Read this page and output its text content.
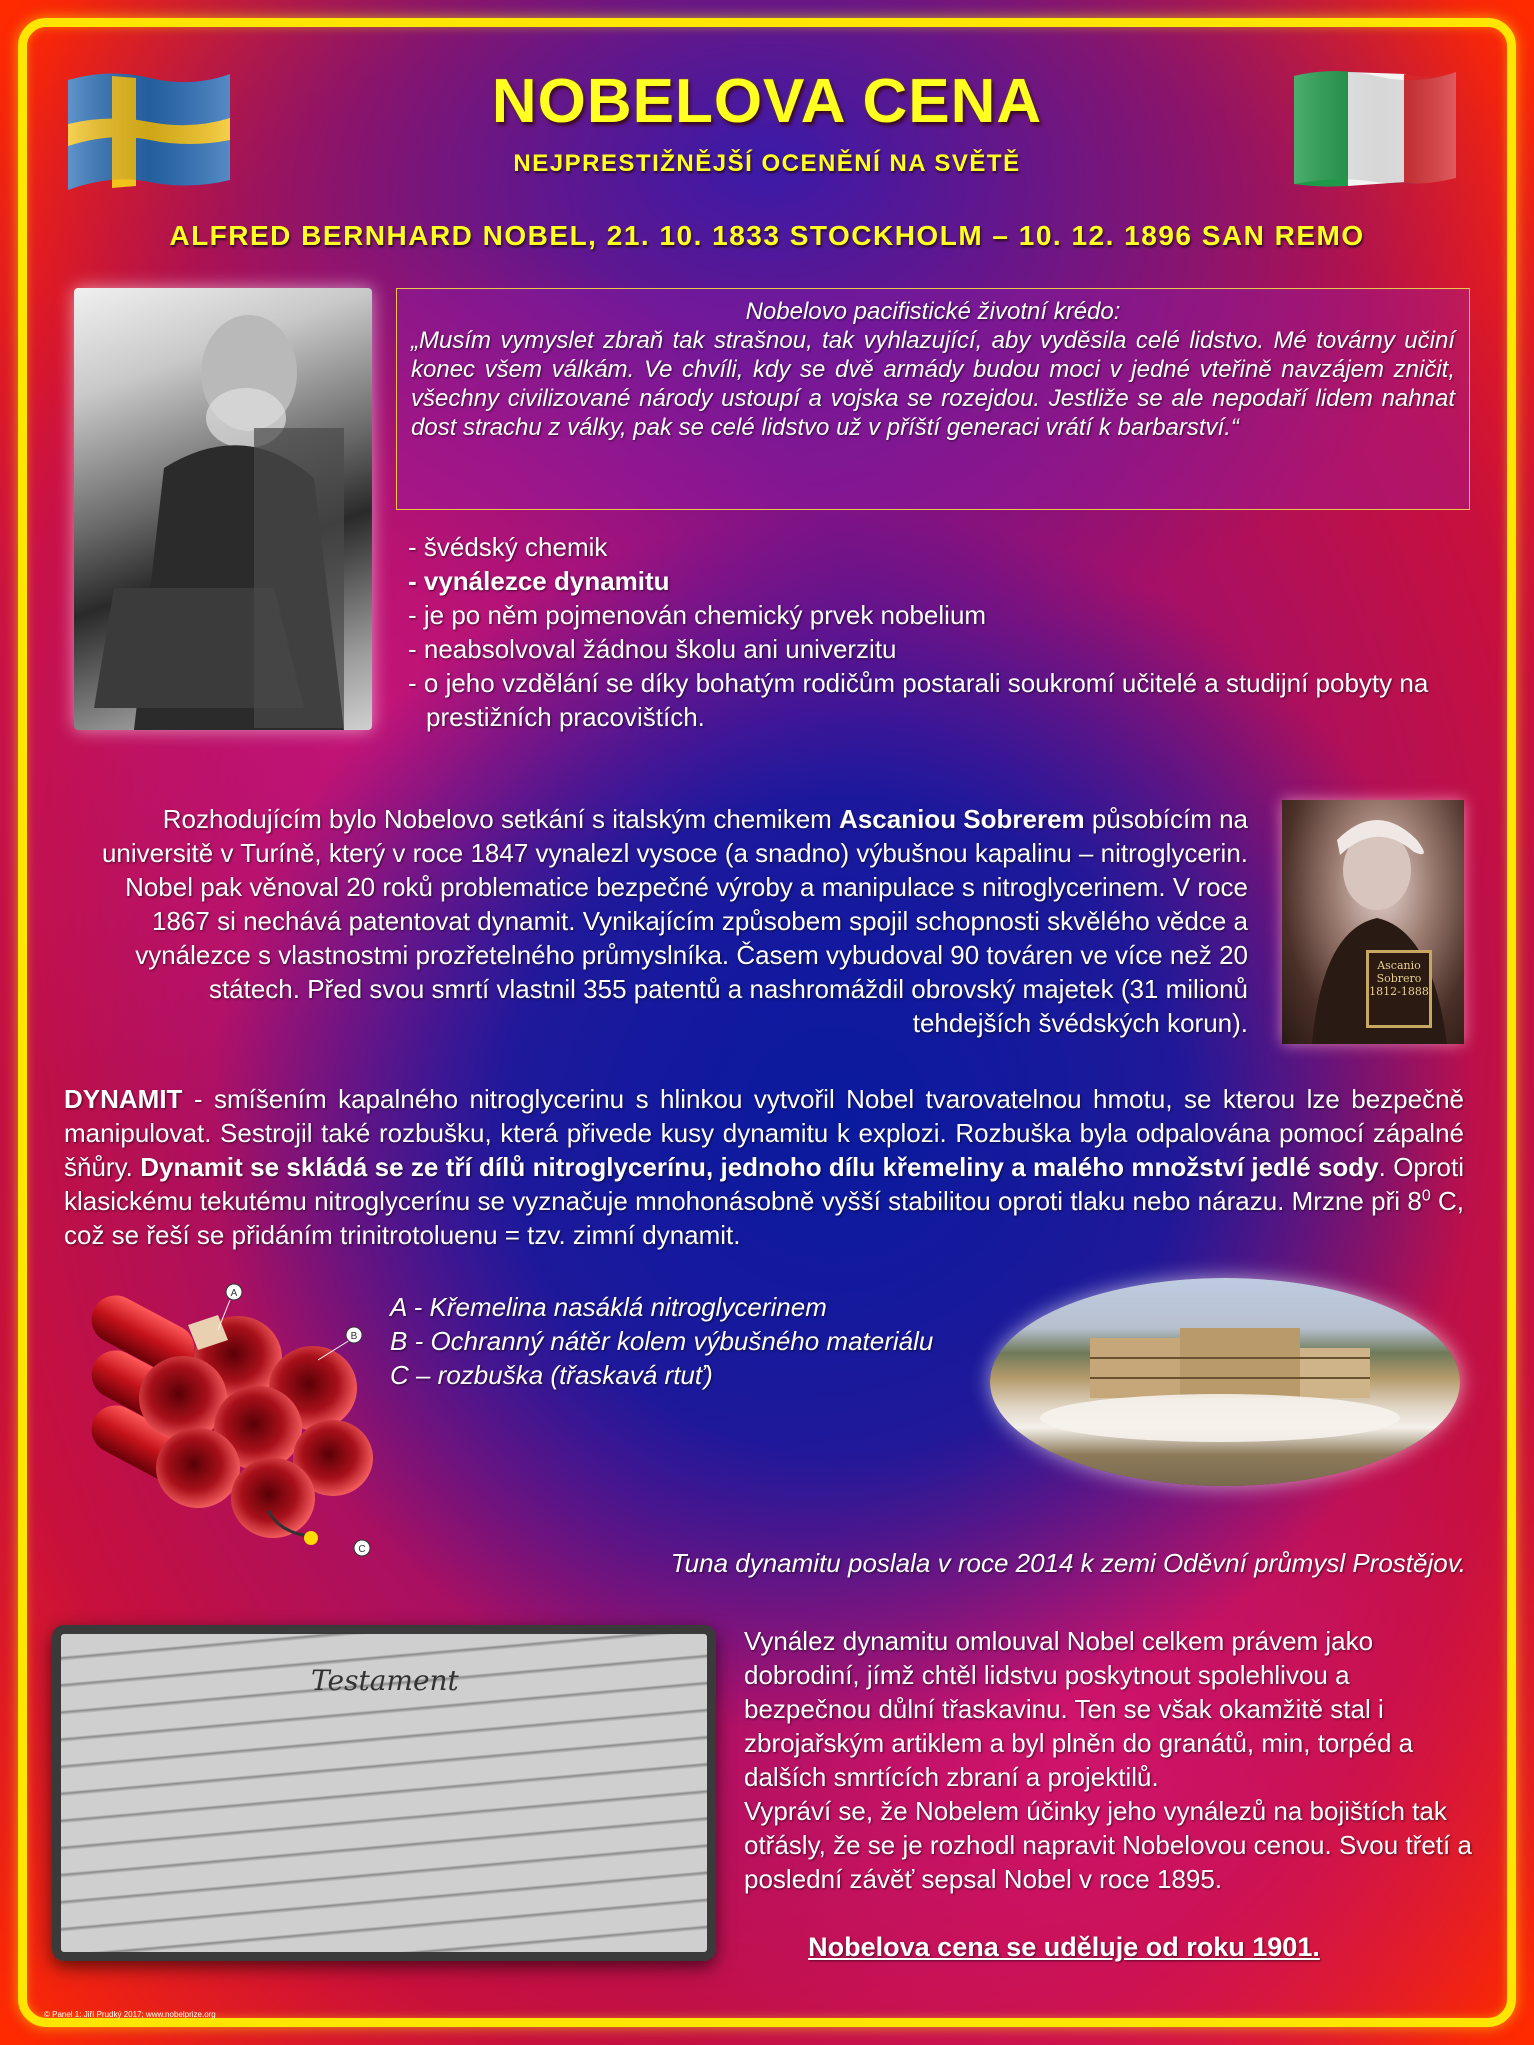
NOBELOVA CENA
NEJPRESTIŽNĚJŠÍ OCENĚNÍ NA SVĚTĚ
ALFRED BERNHARD NOBEL, 21. 10. 1833 STOCKHOLM – 10. 12. 1896 SAN REMO
Nobelovo pacifistické životní krédo:
„Musím vymyslet zbraň tak strašnou, tak vyhlazující, aby vyděsila celé lidstvo. Mé továrny učiní konec všem válkám. Ve chvíli, kdy se dvě armády budou moci v jedné vteřině navzájem zničit, všechny civilizované národy ustoupí a vojska se rozejdou. Jestliže se ale nepodaří lidem nahnat dost strachu z války, pak se celé lidstvo už v příští generaci vrátí k barbarství.“
- švédský chemik
- vynálezce dynamitu
- je po něm pojmenován chemický prvek nobelium
- neabsolvoval žádnou školu ani univerzitu
- o jeho vzdělání se díky bohatým rodičům postarali soukromí učitelé a studijní pobyty na prestižních pracovištích.

Rozhodujícím bylo Nobelovo setkání s italským chemikem Ascaniou Sobrerem působícím na universitě v Turíně, který v roce 1847 vynalezl vysoce (a snadno) výbušnou kapalinu – nitroglycerin. Nobel pak věnoval 20 roků problematice bezpečné výroby a manipulace s nitroglycerinem. V roce 1867 si nechává patentovat dynamit. Vynikajícím způsobem spojil schopnosti skvělého vědce a vynálezce s vlastnostmi prozřetelného průmyslníka. Časem vybudoval 90 továren ve více než 20 státech. Před svou smrtí vlastnil 355 patentů a nashromáždil obrovský majetek (31 milionů tehdejších švédských korun).

Ascanio Sobrero
1812-1888

DYNAMIT - smíšením kapalného nitroglycerinu s hlinkou vytvořil Nobel tvarovatelnou hmotu, se kterou lze bezpečně manipulovat. Sestrojil také rozbušku, která přivede kusy dynamitu k explozi. Rozbuška byla odpalována pomocí zápalné šňůry. Dynamit se skládá se ze tří dílů nitroglycerínu, jednoho dílu křemeliny a malého množství jedlé sody. Oproti klasickému tekutému nitroglycerínu se vyznačuje mnohonásobně vyšší stabilitou oproti tlaku nebo nárazu. Mrzne při $8^0$ C, což se řeší se přidáním trinitrotoluenu = tzv. zimní dynamit.

A
B
C
A - Křemelina nasáklá nitroglycerinem
B - Ochranný nátěr kolem výbušného materiálu
C – rozbuška (třaskavá rtuť)
Tuna dynamitu poslala v roce 2014 k zemi Oděvní průmysl Prostějov.
Testament

Vynález dynamitu omlouval Nobel celkem právem jako dobrodiní, jímž chtěl lidstvu poskytnout spolehlivou a bezpečnou důlní třaskavinu. Ten se však okamžitě stal i zbrojařským artiklem a byl plněn do granátů, min, torpéd a dalších smrtících zbraní a projektilů.

Vypráví se, že Nobelem účinky jeho vynálezů na bojištích tak otřásly, že se je rozhodl napravit Nobelovou cenou. Svou třetí a poslední závěť sepsal Nobel v roce 1895.

Nobelova cena se uděluje od roku 1901.
© Panel 1: Jiří Prudký 2017; www.nobelprize.org
